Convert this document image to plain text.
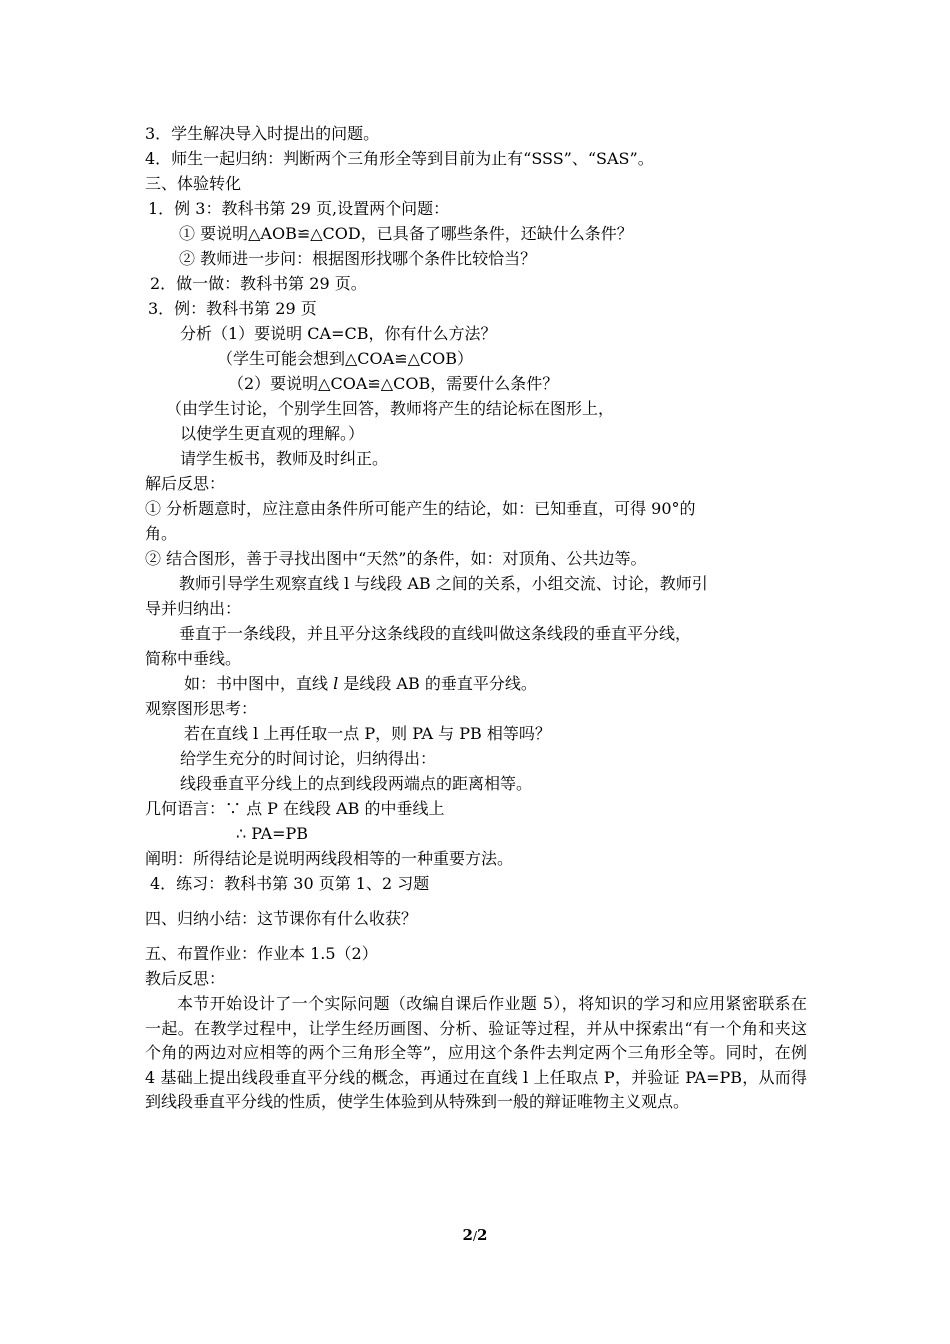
3．学生解决导入时提出的问题。
4．师生一起归纳：判断两个三角形全等到目前为止有“SSS”、“SAS”。
三、体验转化
1．例 3：教科书第 29 页,设置两个问题：
① 要说明△AOB≌△COD，已具备了哪些条件，还缺什么条件？
② 教师进一步问：根据图形找哪个条件比较恰当？
2．做一做：教科书第 29 页。
3．例：教科书第 29 页
分析（1）要说明 CA=CB，你有什么方法？
（学生可能会想到△COA≌△COB）
（2）要说明△COA≌△COB，需要什么条件？
（由学生讨论，个别学生回答，教师将产生的结论标在图形上，
以使学生更直观的理解。）
请学生板书，教师及时纠正。
解后反思：
① 分析题意时，应注意由条件所可能产生的结论，如：已知垂直，可得 90°的
角。
② 结合图形，善于寻找出图中“天然”的条件，如：对顶角、公共边等。
教师引导学生观察直线 l 与线段 AB 之间的关系，小组交流、讨论，教师引
导并归纳出：
垂直于一条线段，并且平分这条线段的直线叫做这条线段的垂直平分线，
简称中垂线。
如：书中图中，直线 l 是线段 AB 的垂直平分线。
观察图形思考：
若在直线 l 上再任取一点 P，则 PA 与 PB 相等吗？
给学生充分的时间讨论，归纳得出：
线段垂直平分线上的点到线段两端点的距离相等。
几何语言：∵ 点 P 在线段 AB 的中垂线上
∴ PA=PB
阐明：所得结论是说明两线段相等的一种重要方法。
4．练习：教科书第 30 页第 1、2 习题
四、归纳小结：这节课你有什么收获？
五、布置作业：作业本 1.5（2）
教后反思：
本节开始设计了一个实际问题（改编自课后作业题 5），将知识的学习和应用紧密联系在一起。在教学过程中，让学生经历画图、分析、验证等过程，并从中探索出“有一个角和夹这个角的两边对应相等的两个三角形全等”，应用这个条件去判定两个三角形全等。同时，在例 4 基础上提出线段垂直平分线的概念，再通过在直线 l 上任取点 P，并验证 PA=PB，从而得到线段垂直平分线的性质，使学生体验到从特殊到一般的辩证唯物主义观点。
2/2
